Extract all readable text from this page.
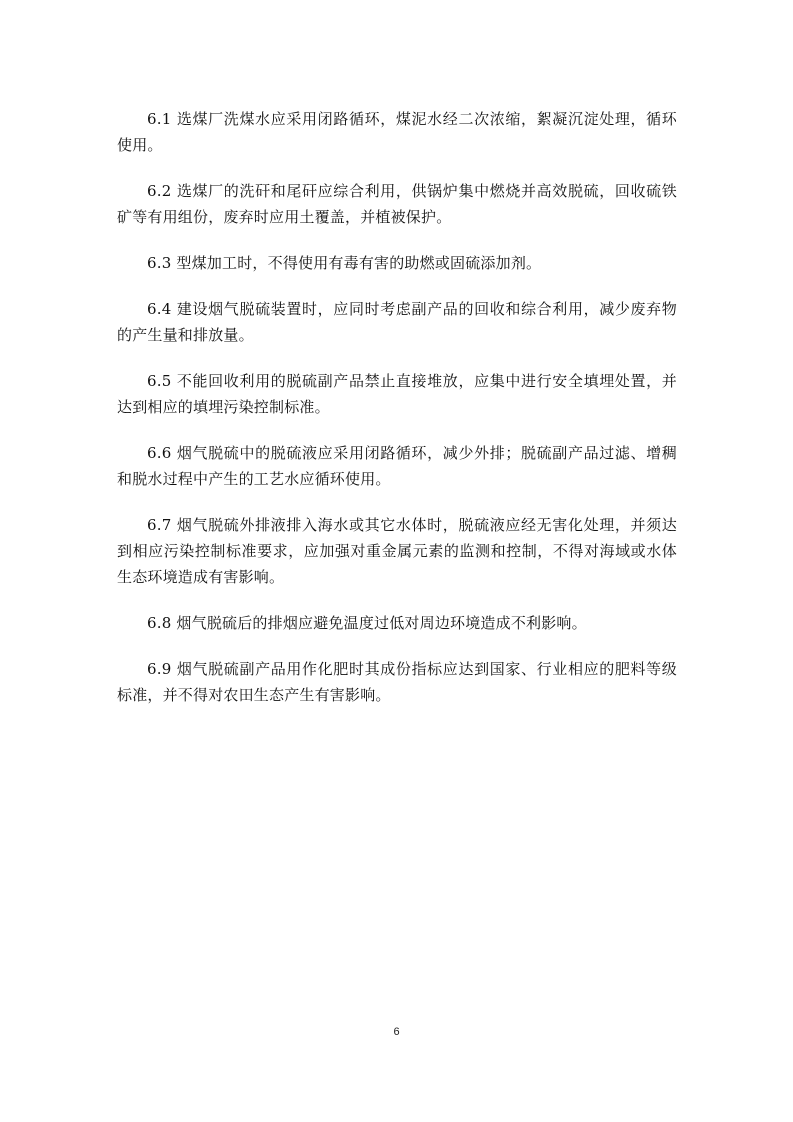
6.1 选煤厂洗煤水应采用闭路循环，煤泥水经二次浓缩，絮凝沉淀处理，循环使用。

6.2 选煤厂的洗矸和尾矸应综合利用，供锅炉集中燃烧并高效脱硫，回收硫铁矿等有用组份，废弃时应用土覆盖，并植被保护。

6.3 型煤加工时，不得使用有毒有害的助燃或固硫添加剂。

6.4 建设烟气脱硫装置时，应同时考虑副产品的回收和综合利用，减少废弃物的产生量和排放量。

6.5 不能回收利用的脱硫副产品禁止直接堆放，应集中进行安全填埋处置，并达到相应的填埋污染控制标准。

6.6 烟气脱硫中的脱硫液应采用闭路循环，减少外排；脱硫副产品过滤、增稠和脱水过程中产生的工艺水应循环使用。

6.7 烟气脱硫外排液排入海水或其它水体时，脱硫液应经无害化处理，并须达到相应污染控制标准要求，应加强对重金属元素的监测和控制，不得对海域或水体生态环境造成有害影响。

6.8 烟气脱硫后的排烟应避免温度过低对周边环境造成不利影响。

6.9 烟气脱硫副产品用作化肥时其成份指标应达到国家、行业相应的肥料等级标准，并不得对农田生态产生有害影响。

6
